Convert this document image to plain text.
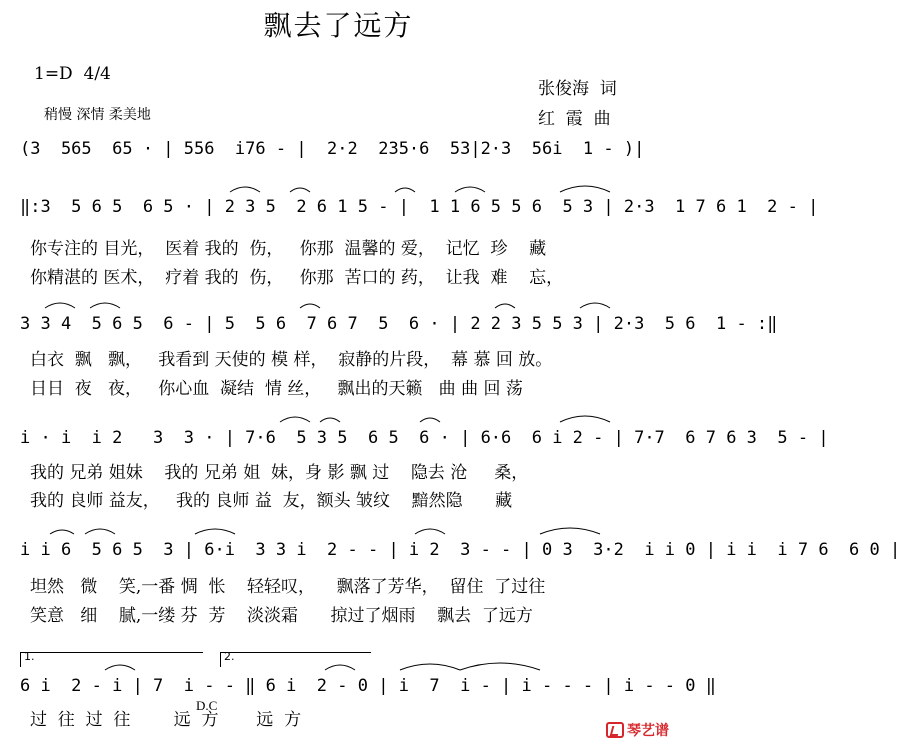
飘去了远方
1=D  4/4
稍慢 深情 柔美地
张俊海  词
红  霞  曲
(3  565  65 · | 556  i76 - |  2·2  235·6  53|2·3  56i  1 - )|
‖:3  5 6 5  6 5 · | 2 3 5  2 6 1 5 - |  1 1 6 5 5 6  5 3 | 2·3  1 7 6 1  2 - |
你专注的 目光，  医着 我的  伤，   你那  温馨的 爱，  记忆  珍    藏
你精湛的 医术，  疗着 我的  伤，   你那  苦口的 药，  让我  难    忘，
3 3 4  5 6 5  6 - | 5  5 6  7 6 7  5  6 · | 2 2 3 5 5 3 | 2·3  5 6  1 - :‖
白衣  飘   飘，   我看到 天使的 模 样，  寂静的片段，  幕 慕 回 放。
日日  夜   夜，   你心血  凝结  情 丝，   飘出的天籁   曲 曲 回 荡
i · i  i 2   3  3 · | 7·6  5 3 5  6 5  6 · | 6·6  6 i 2 - | 7·7  6 7 6 3  5 - |
我的 兄弟 姐妹    我的 兄弟 姐  妹，身 影 飘 过    隐去 沧     桑，
我的 良师 益友，   我的 良师 益  友，额头 皱纹    黯然隐      藏
i i 6  5 6 5  3 | 6·i  3 3 i  2 - - | i 2  3 - - | 0 3  3·2  i i 0 | i i  i 7 6  6 0 |
坦然   微    笑,一番 惆  怅    轻轻叹，    飘落了芳华，  留住  了过往
笑意   细    腻,一缕 芬  芳    淡淡霜      掠过了烟雨    飘去  了远方
1.	2.
6 i  2 - i | 7  i - - ‖ 6 i  2 - 0 | i  7  i - | i - - - | i - - 0 ‖
过  往  过  往        远  方       远  方
D.C
琴艺谱
